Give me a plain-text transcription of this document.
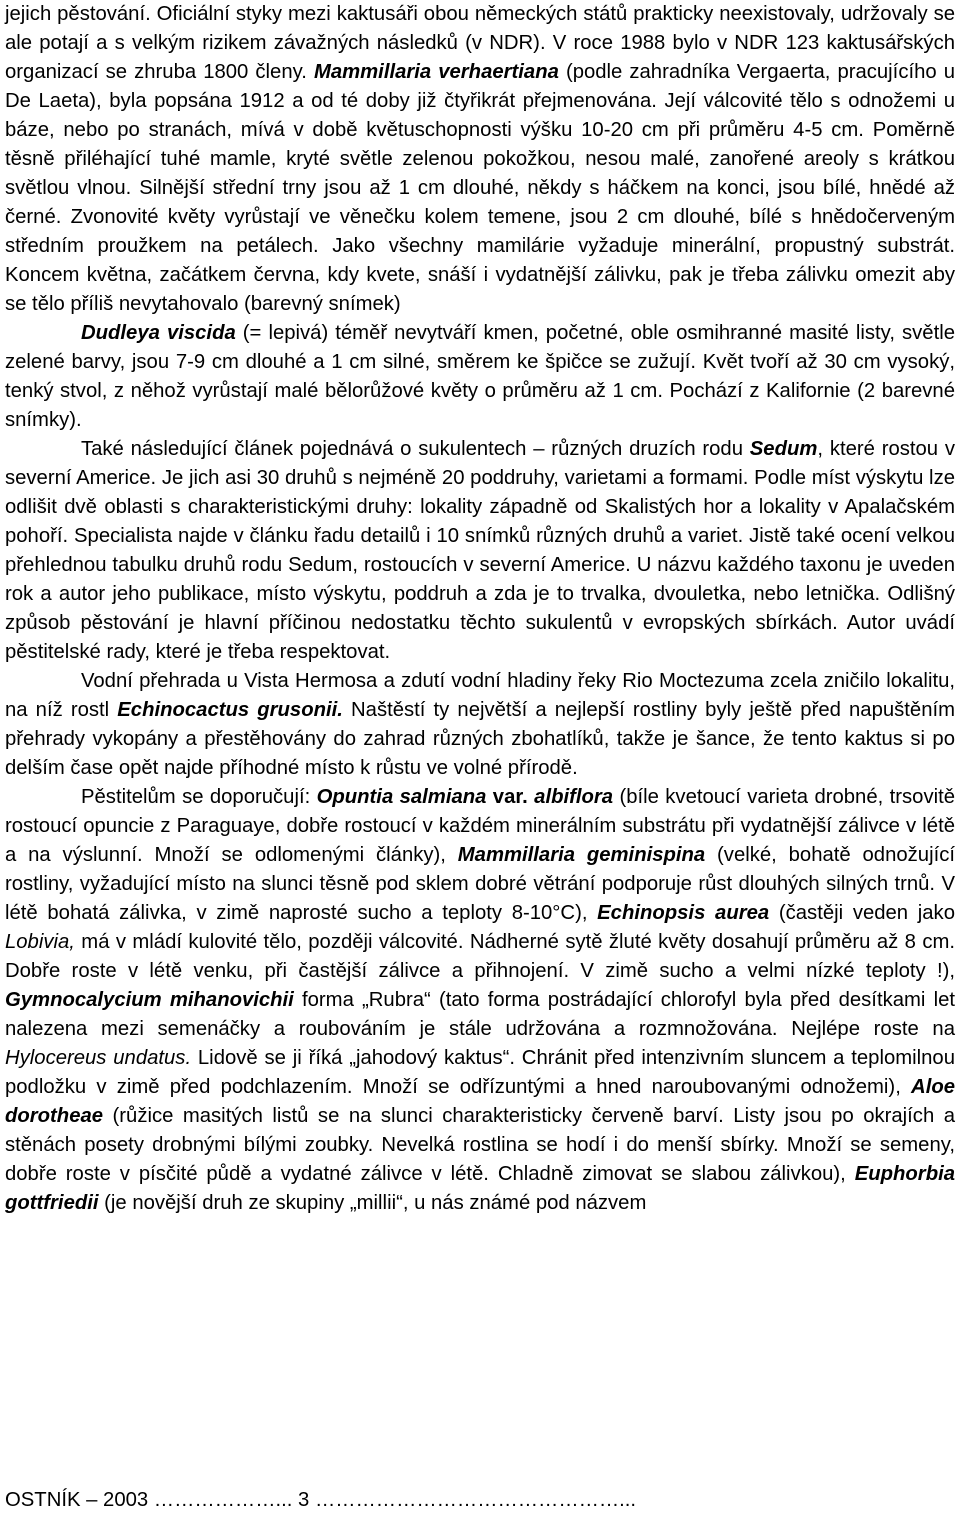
jejich pěstování. Oficiální styky mezi kaktusáři obou německých států prakticky neexistovaly, udržovaly se ale potají a s velkým rizikem závažných následků (v NDR). V roce 1988 bylo v NDR 123 kaktusářských organizací se zhruba 1800 členy. Mammillaria verhaertiana (podle zahradníka Vergaerta, pracujícího u De Laeta), byla popsána 1912 a od té doby již čtyřikrát přejmenována. Její válcovité tělo s odnožemi u báze, nebo po stranách, mívá v době květuschopnosti výšku 10-20 cm při průměru 4-5 cm. Poměrně těsně přiléhající tuhé mamle, kryté světle zelenou pokožkou, nesou malé, zanořené areoly s krátkou světlou vlnou. Silnější střední trny jsou až 1 cm dlouhé, někdy s háčkem na konci, jsou bílé, hnědé až černé. Zvonovité květy vyrůstají ve věnečku kolem temene, jsou 2 cm dlouhé, bílé s hnědočerveným středním proužkem na petálech. Jako všechny mamilárie vyžaduje minerální, propustný substrát. Koncem května, začátkem června, kdy kvete, snáší i vydatnější zálivku, pak je třeba zálivku omezit aby se tělo příliš nevytahovalo (barevný snímek)

Dudleya viscida (= lepivá) téměř nevytváří kmen, početné, oble osmihranné masité listy, světle zelené barvy, jsou 7-9 cm dlouhé a 1 cm silné, směrem ke špičce se zužují. Květ tvoří až 30 cm vysoký, tenký stvol, z něhož vyrůstají malé bělorůžové květy o průměru až 1 cm. Pochází z Kalifornie (2 barevné snímky).

Také následující článek pojednává o sukulentech – různých druzích rodu Sedum, které rostou v severní Americe. Je jich asi 30 druhů s nejméně 20 poddruhy, varietami a formami. Podle míst výskytu lze odlišit dvě oblasti s charakteristickými druhy: lokality západně od Skalistých hor a lokality v Apalačském pohoří. Specialista najde v článku řadu detailů i 10 snímků různých druhů a variet. Jistě také ocení velkou přehlednou tabulku druhů rodu Sedum, rostoucích v severní Americe. U názvu každého taxonu je uveden rok a autor jeho publikace, místo výskytu, poddruh a zda je to trvalka, dvouletka, nebo letnička. Odlišný způsob pěstování je hlavní příčinou nedostatku těchto sukulentů v evropských sbírkách. Autor uvádí pěstitelské rady, které je třeba respektovat.

Vodní přehrada u Vista Hermosa a zdutí vodní hladiny řeky Rio Moctezuma zcela zničilo lokalitu, na níž rostl Echinocactus grusonii. Naštěstí ty největší a nejlepší rostliny byly ještě před napuštěním přehrady vykopány a přestěhovány do zahrad různých zbohatlíků, takže je šance, že tento kaktus si po delším čase opět najde příhodné místo k růstu ve volné přírodě.

Pěstitelům se doporučují: Opuntia salmiana var. albiflora (bíle kvetoucí varieta drobné, trsovitě rostoucí opuncie z Paraguaye, dobře rostoucí v každém minerálním substrátu při vydatnější zálivce v létě a na výslunní. Množí se odlomenými články), Mammillaria geminispina (velké, bohatě odnožující rostliny, vyžadující místo na slunci těsně pod sklem dobré větrání podporuje růst dlouhých silných trnů. V létě bohatá zálivka, v zimě naprosté sucho a teploty 8-10°C), Echinopsis aurea (častěji veden jako Lobivia, má v mládí kulovité tělo, později válcovité. Nádherné sytě žluté květy dosahují průměru až 8 cm. Dobře roste v létě venku, při častější zálivce a přihnojení. V zimě sucho a velmi nízké teploty !), Gymnocalycium mihanovichii forma „Rubra“ (tato forma postrádající chlorofyl byla před desítkami let nalezena mezi semenáčky a roubováním je stále udržována a rozmnožována. Nejlépe roste na Hylocereus undatus. Lidově se ji říká „jahodový kaktus“. Chránit před intenzivním sluncem a teplomilnou podložku v zimě před podchlazením. Množí se odřízuntými a hned naroubovanými odnožemi), Aloe dorotheae (růžice masitých listů se na slunci charakteristicky červeně barví. Listy jsou po okrajích a stěnách posety drobnými bílými zoubky. Nevelká rostlina se hodí i do menší sbírky. Množí se semeny, dobře roste v písčité půdě a vydatné zálivce v létě. Chladně zimovat se slabou zálivkou), Euphorbia gottfriedii (je novější druh ze skupiny „millii“, u nás známé pod názvem

OSTNÍK – 2003 ………………... 3 ………………………………………...
